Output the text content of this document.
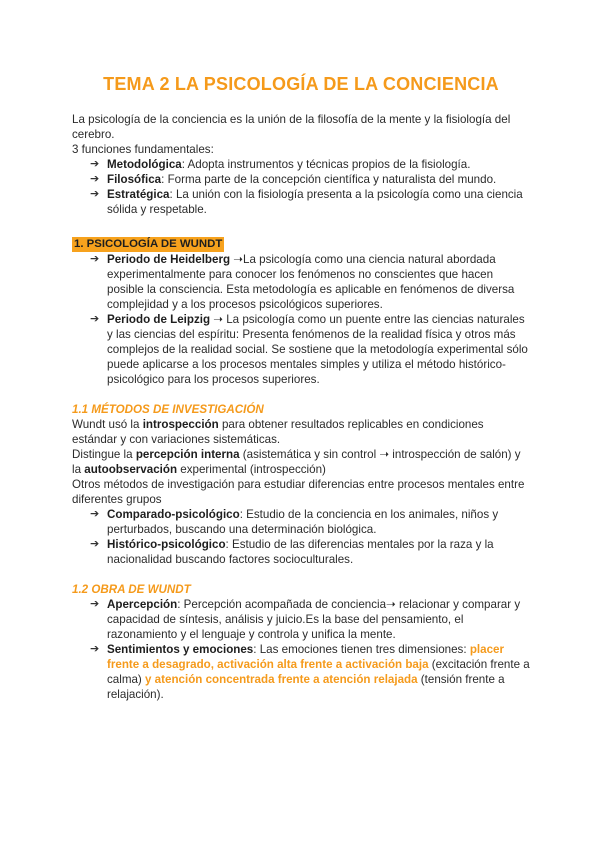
TEMA 2 LA PSICOLOGÍA DE LA CONCIENCIA

La psicología de la conciencia es la unión de la filosofía de la mente y la fisiología del cerebro.

3 funciones fundamentales:

➔ Metodológica: Adopta instrumentos y técnicas propios de la fisiología.
➔ Filosófica: Forma parte de la concepción científica y naturalista del mundo.
➔ Estratégica: La unión con la fisiología presenta a la psicología como una ciencia sólida y respetable.
1. PSICOLOGÍA DE WUNDT
➔ Periodo de Heidelberg ➝La psicología como una ciencia natural abordada experimentalmente para conocer los fenómenos no conscientes que hacen posible la consciencia. Esta metodología es aplicable en fenómenos de diversa complejidad y a los procesos psicológicos superiores.
➔ Periodo de Leipzig ➝ La psicología como un puente entre las ciencias naturales y las ciencias del espíritu: Presenta fenómenos de la realidad física y otros más complejos de la realidad social. Se sostiene que la metodología experimental sólo puede aplicarse a los procesos mentales simples y utiliza el método histórico-psicológico para los procesos superiores.

1.1 MÉTODOS DE INVESTIGACIÓN

Wundt usó la introspección para obtener resultados replicables en condiciones estándar y con variaciones sistemáticas.

Distingue la percepción interna (asistemática y sin control ➝ introspección de salón) y la autoobservación experimental (introspección)

Otros métodos de investigación para estudiar diferencias entre procesos mentales entre diferentes grupos

➔ Comparado-psicológico: Estudio de la conciencia en los animales, niños y perturbados, buscando una determinación biológica.
➔ Histórico-psicológico: Estudio de las diferencias mentales por la raza y la nacionalidad buscando factores socioculturales.

1.2 OBRA DE WUNDT

➔ Apercepción: Percepción acompañada de conciencia➝ relacionar y comparar y capacidad de síntesis, análisis y juicio.Es la base del pensamiento, el razonamiento y el lenguaje y controla y unifica la mente.
➔ Sentimientos y emociones: Las emociones tienen tres dimensiones: placer frente a desagrado, activación alta frente a activación baja (excitación frente a calma) y atención concentrada frente a atención relajada (tensión frente a relajación).
